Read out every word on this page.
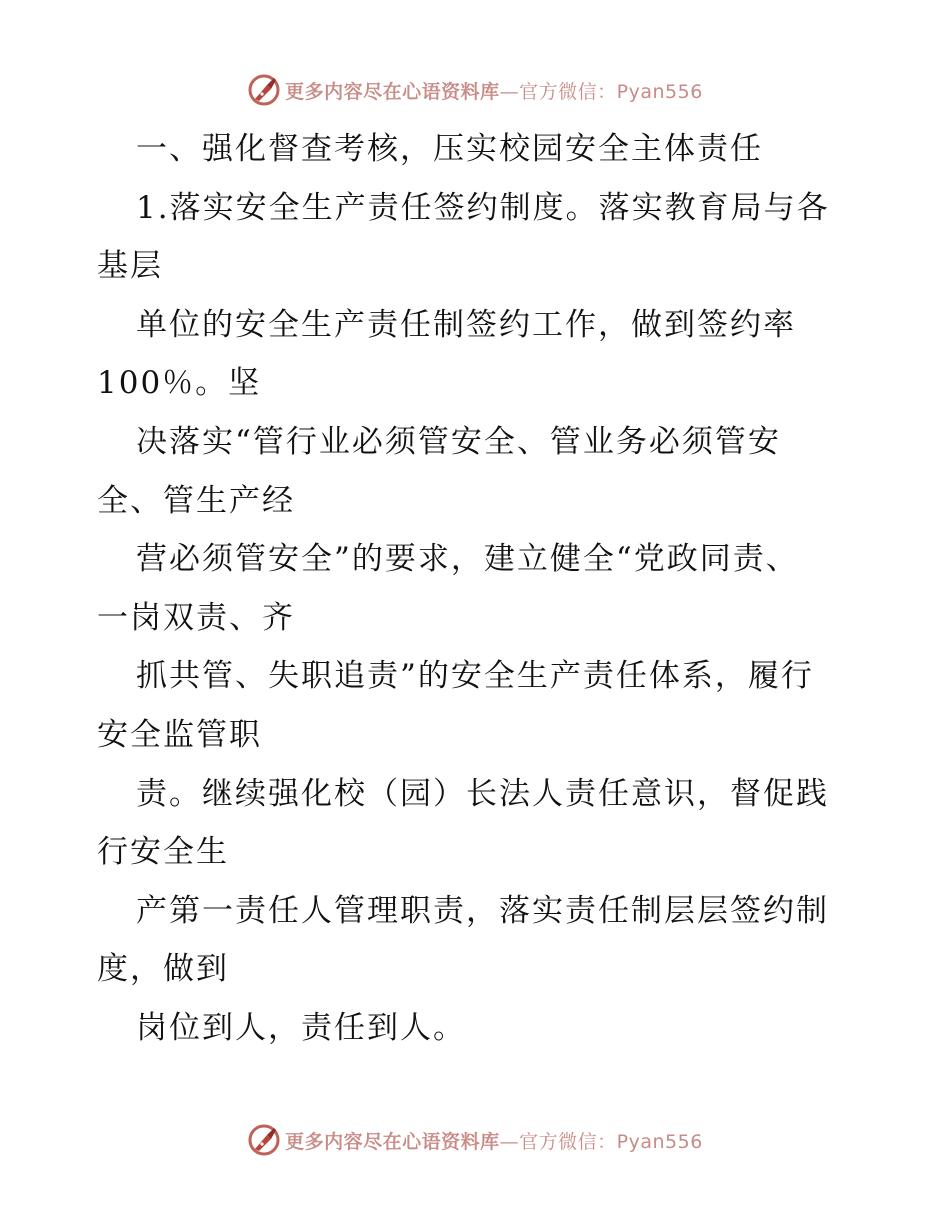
更多内容尽在心语资料库—官方微信：Pyan556
一、强化督查考核，压实校园安全主体责任
1.落实安全生产责任签约制度。落实教育局与各
基层
单位的安全生产责任制签约工作，做到签约率
100％。坚
决落实“管行业必须管安全、管业务必须管安
全、管生产经
营必须管安全”的要求，建立健全“党政同责、
一岗双责、齐
抓共管、失职追责”的安全生产责任体系，履行
安全监管职
责。继续强化校（园）长法人责任意识，督促践
行安全生
产第一责任人管理职责，落实责任制层层签约制
度，做到
岗位到人，责任到人。
更多内容尽在心语资料库—官方微信：Pyan556
